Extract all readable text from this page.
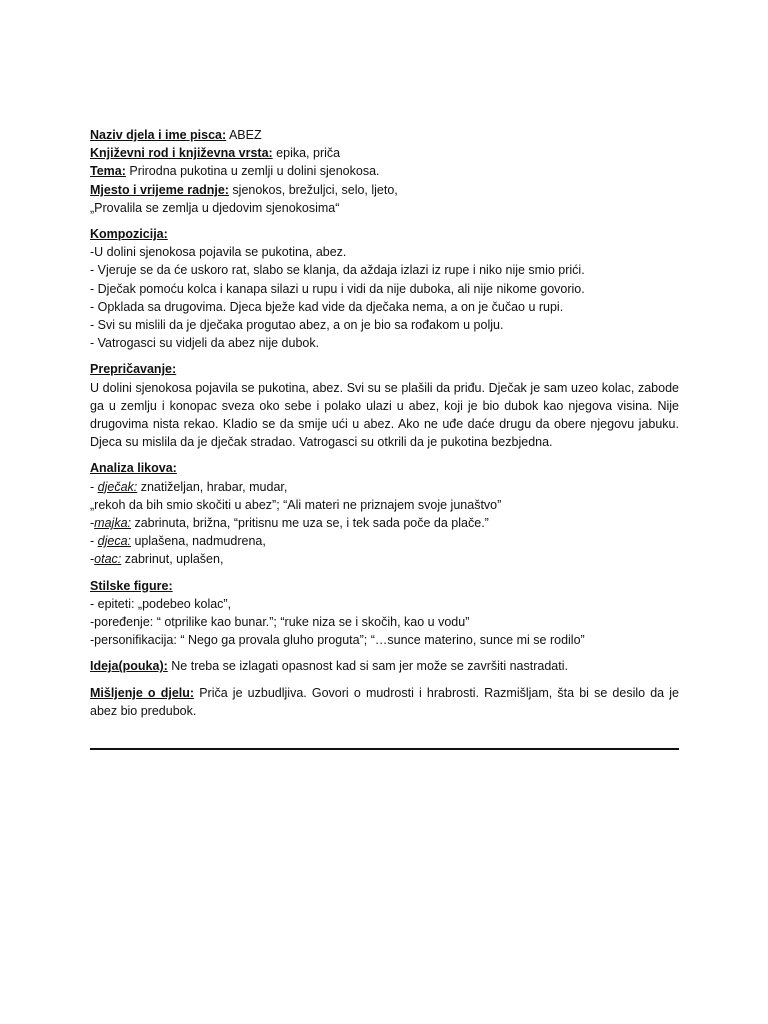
Naziv djela i ime pisca: ABEZ
Književni rod i književna vrsta: epika, priča
Tema: Prirodna pukotina u zemlji u dolini sjenokosa.
Mjesto i vrijeme radnje: sjenokos, brežuljci, selo, ljeto,
„Provalila se zemlja u djedovim sjenokosima“
Kompozicija:
-U dolini sjenokosa pojavila se pukotina, abez.
- Vjeruje se da će uskoro rat, slabo se klanja, da aždaja izlazi iz rupe i niko nije smio prići.
- Dječak pomoću kolca i kanapa silazi u rupu i vidi da nije duboka, ali nije nikome govorio.
- Opklada sa drugovima. Djeca bježe kad vide da dječaka nema, a on je čučao u rupi.
- Svi su mislili da je dječaka progutao abez, a on je bio sa rođakom u polju.
- Vatrogasci su vidjeli da abez nije dubok.
Prepričavanje:
U dolini sjenokosa pojavila se pukotina, abez. Svi su se plašili da priđu. Dječak je sam uzeo kolac, zabode ga u zemlju i konopac sveza oko sebe i polako ulazi u abez, koji je bio dubok kao njegova visina. Nije drugovima nista rekao. Kladio se da smije ući u abez. Ako ne uđe daće drugu da obere njegovu jabuku. Djeca su mislila da je dječak stradao. Vatrogasci su otkrili da je pukotina bezbjedna.
Analiza likova:
- dječak: znatiželjan, hrabar, mudar,
„rekoh da bih smio skočiti u abez”; “Ali materi ne priznajem svoje junaštvo”
-majka: zabrinuta, brižna, “pritisnu me uza se, i tek sada poče da plače.”
- djeca: uplašena, nadmudrena,
-otac: zabrinut, uplašen,
Stilske figure:
- epiteti: „podebeo kolac”,
-poređenje: “ otprilike kao bunar.”; “ruke niza se i skočih, kao u vodu”
-personifikacija: “ Nego ga provala gluho proguta”; “…sunce materino, sunce mi se rodilo”
Ideja(pouka): Ne treba se izlagati opasnost kad si sam jer može se završiti nastradati.
Mišljenje o djelu: Priča je uzbudljiva. Govori o mudrosti i hrabrosti. Razmišljam, šta bi se desilo da je abez bio predubok.
